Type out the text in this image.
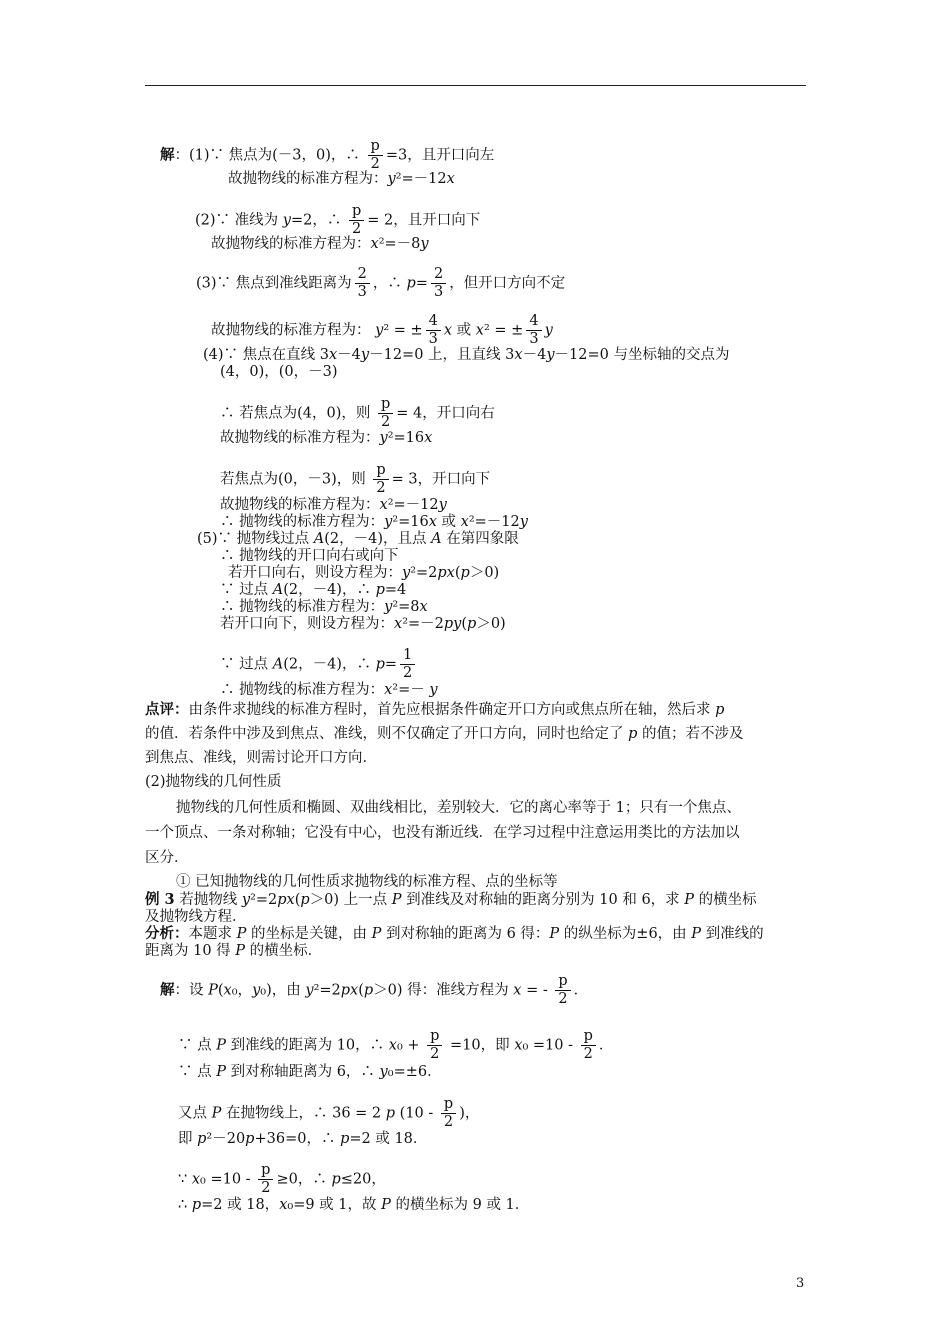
解：(1)∵ 焦点为(－3，0)，∴ $\frac{p}{2} =3$，且开口向左
故抛物线的标准方程为：y²=－12x
(2)∵ 准线为 y=2，∴ $\frac{p}{2} = 2$，且开口向下
故抛物线的标准方程为：x²=－8y
(3)∵ 焦点到准线距离为 $\frac{2}{3}$ ，∴ $p= \frac{2}{3}$ ，但开口方向不定
故抛物线的标准方程为： y² = ± $\frac{4}{3}$ x 或 x² = ± $\frac{4}{3}$ y
(4)∵ 焦点在直线 3x－4y－12=0 上，且直线 3x－4y－12=0 与坐标轴的交点为
(4，0)，(0，－3)
∴ 若焦点为(4，0)，则 $\frac{p}{2} = 4$，开口向右
故抛物线的标准方程为：y²=16x
若焦点为(0，－3)，则 $\frac{p}{2} = 3$，开口向下
故抛物线的标准方程为：x²=－12y
∴ 抛物线的标准方程为：y²=16x 或 x²=－12y
(5)∵ 抛物线过点 A(2，－4)，且点 A 在第四象限
∴ 抛物线的开口向右或向下
若开口向右，则设方程为：y²=2px(p＞0)
∵ 过点 A(2，－4)，∴ p=4
∴ 抛物线的标准方程为：y²=8x
若开口向下，则设方程为：x²=－2py(p＞0)
∵ 过点 A(2，－4)，∴ $p= \frac{1}{2}$
∴ 抛物线的标准方程为：x²=－ y
点评：由条件求抛线的标准方程时，首先应根据条件确定开口方向或焦点所在轴，然后求 p
的值．若条件中涉及到焦点、准线，则不仅确定了开口方向，同时也给定了 p 的值；若不涉及
到焦点、准线，则需讨论开口方向．
(2)抛物线的几何性质
抛物线的几何性质和椭圆、双曲线相比，差别较大．它的离心率等于 1；只有一个焦点、
一个顶点、一条对称轴；它没有中心，也没有渐近线．在学习过程中注意运用类比的方法加以
区分．
① 已知抛物线的几何性质求抛物线的标准方程、点的坐标等
例 3 若抛物线 y²=2px(p＞0) 上一点 P 到准线及对称轴的距离分别为 10 和 6，求 P 的横坐标
及抛物线方程．
分析：本题求 P 的坐标是关键，由 P 到对称轴的距离为 6 得：P 的纵坐标为±6，由 P 到准线的
距离为 10 得 P 的横坐标．
解：设 P(x₀，y₀)，由 y²=2px(p＞0) 得：准线方程为 x = - $\frac{p}{2}$ ．
∵ 点 P 到准线的距离为 10，∴ $x_0 + \frac{p}{2} =10$，即 $x_0 =10 - \frac{p}{2}$ ．
∵ 点 P 到对称轴距离为 6，∴ y₀=±6．
又点 P 在抛物线上，∴ 36 = 2 p ($10 - \frac{p}{2}$ )，
即 p²－20p+36=0，∴ p=2 或 18．
∵ $x_0 =10 - \frac{p}{2} \ge 0$，∴ p≤20，
∴ p=2 或 18，x₀=9 或 1，故 P 的横坐标为 9 或 1．
3
